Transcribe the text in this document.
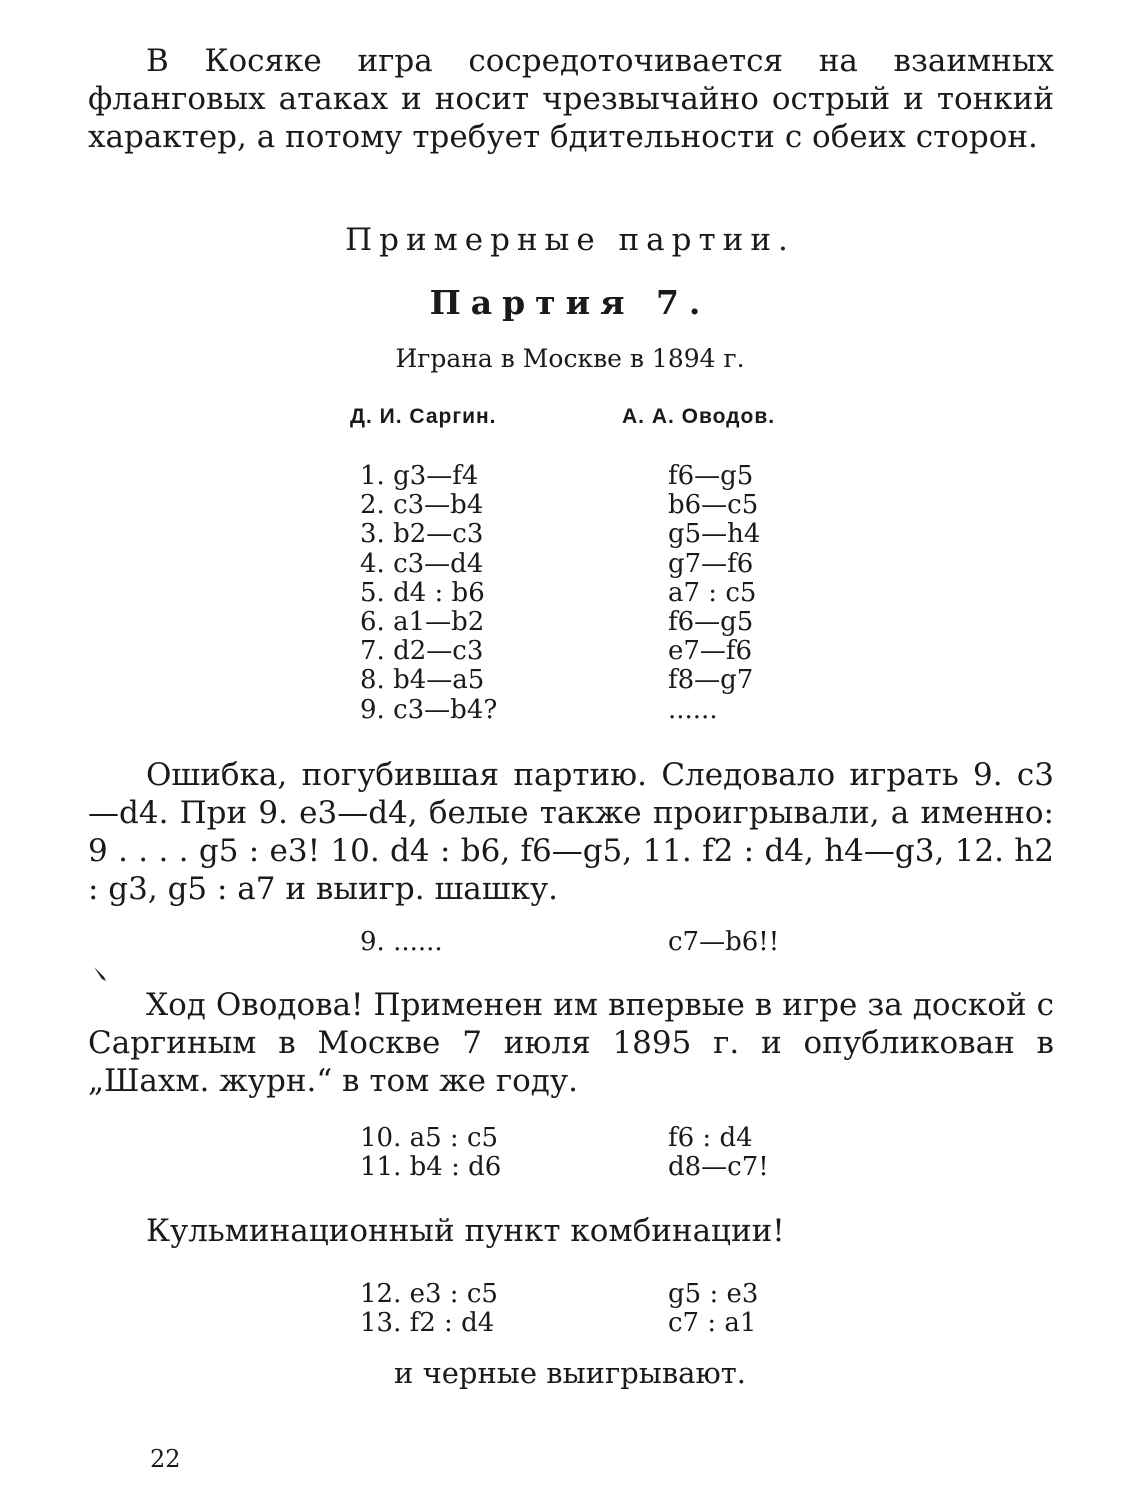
В Косяке игра сосредоточивается на взаимных фланговых атаках и носит чрезвычайно острый и тонкий характер, а потому требует бдительности с обеих сторон.

Примерные партии.

Партия 7.

Играна в Москве в 1894 г.

Д. И. Саргин.	А. А. Оводов.
1. g3—f4
2. c3—b4
3. b2—c3
4. c3—d4
5. d4 : b6
6. a1—b2
7. d2—c3
8. b4—a5
9. c3—b4?
f6—g5
b6—c5
g5—h4
g7—f6
a7 : c5
f6—g5
e7—f6
f8—g7
......

Ошибка, погубившая партию. Следовало играть 9. c3—d4. При 9. e3—d4, белые также проигрывали, а именно: 9 . . . . g5 : e3! 10. d4 : b6, f6—g5, 11. f2 : d4, h4—g3, 12. h2 : g3, g5 : a7 и выигр. шашку.

9. ......	c7—b6!!

Ход Оводова! Применен им впервые в игре за доской с Саргиным в Москве 7 июля 1895 г. и опубликован в „Шахм. журн.“ в том же году.

10. a5 : c5
11. b4 : d6
f6 : d4
d8—c7!

Кульминационный пункт комбинации!

12. e3 : c5
13. f2 : d4
g5 : e3
c7 : a1

и черные выигрывают.

22
